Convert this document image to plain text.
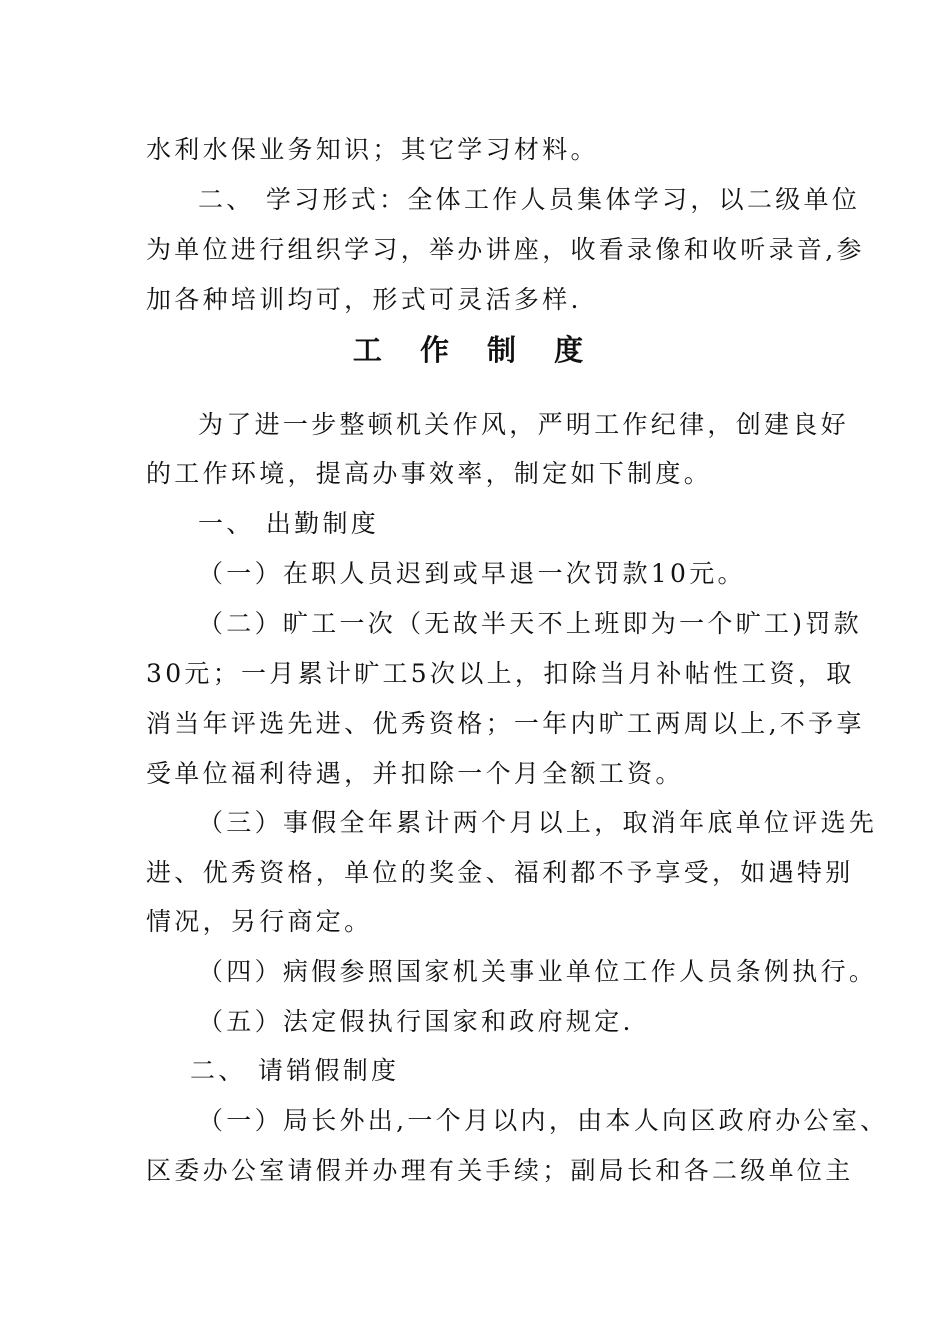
水利水保业务知识；其它学习材料。
二、 学习形式：全体工作人员集体学习，以二级单位
为单位进行组织学习，举办讲座，收看录像和收听录音,参
加各种培训均可，形式可灵活多样.
工 作 制 度
为了进一步整顿机关作风，严明工作纪律，创建良好
的工作环境，提高办事效率，制定如下制度。
一、 出勤制度
（一）在职人员迟到或早退一次罚款10元。
（二）旷工一次（无故半天不上班即为一个旷工)罚款
30元；一月累计旷工5次以上，扣除当月补帖性工资，取
消当年评选先进、优秀资格；一年内旷工两周以上,不予享
受单位福利待遇，并扣除一个月全额工资。
（三）事假全年累计两个月以上，取消年底单位评选先
进、优秀资格，单位的奖金、福利都不予享受，如遇特别
情况，另行商定。
（四）病假参照国家机关事业单位工作人员条例执行。
（五）法定假执行国家和政府规定.
二、 请销假制度
（一）局长外出,一个月以内，由本人向区政府办公室、
区委办公室请假并办理有关手续；副局长和各二级单位主
